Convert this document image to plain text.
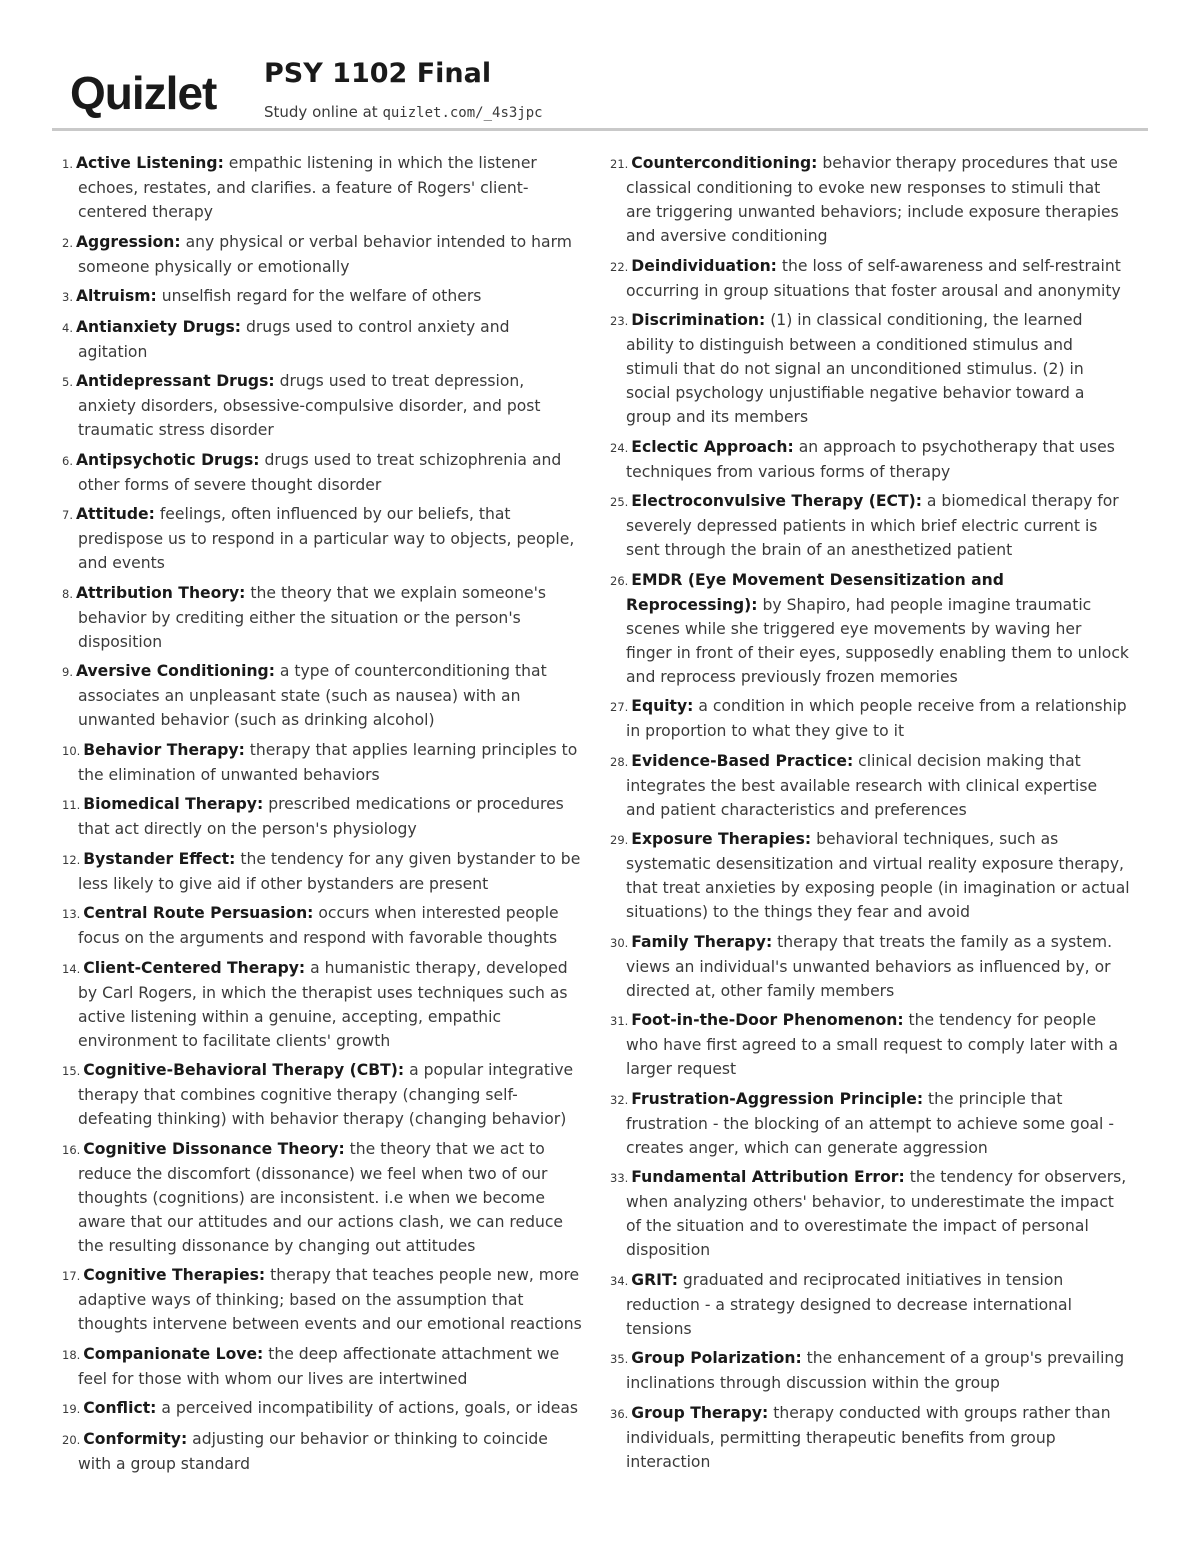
Quizlet PSY 1102 Final
Study online at quizlet.com/_4s3jpc
1. Active Listening: empathic listening in which the listener echoes, restates, and clarifies. a feature of Rogers' client-centered therapy
2. Aggression: any physical or verbal behavior intended to harm someone physically or emotionally
3. Altruism: unselfish regard for the welfare of others
4. Antianxiety Drugs: drugs used to control anxiety and agitation
5. Antidepressant Drugs: drugs used to treat depression, anxiety disorders, obsessive-compulsive disorder, and post traumatic stress disorder
6. Antipsychotic Drugs: drugs used to treat schizophrenia and other forms of severe thought disorder
7. Attitude: feelings, often influenced by our beliefs, that predispose us to respond in a particular way to objects, people, and events
8. Attribution Theory: the theory that we explain someone's behavior by crediting either the situation or the person's disposition
9. Aversive Conditioning: a type of counterconditioning that associates an unpleasant state (such as nausea) with an unwanted behavior (such as drinking alcohol)
10. Behavior Therapy: therapy that applies learning principles to the elimination of unwanted behaviors
11. Biomedical Therapy: prescribed medications or procedures that act directly on the person's physiology
12. Bystander Effect: the tendency for any given bystander to be less likely to give aid if other bystanders are present
13. Central Route Persuasion: occurs when interested people focus on the arguments and respond with favorable thoughts
14. Client-Centered Therapy: a humanistic therapy, developed by Carl Rogers, in which the therapist uses techniques such as active listening within a genuine, accepting, empathic environment to facilitate clients' growth
15. Cognitive-Behavioral Therapy (CBT): a popular integrative therapy that combines cognitive therapy (changing self-defeating thinking) with behavior therapy (changing behavior)
16. Cognitive Dissonance Theory: the theory that we act to reduce the discomfort (dissonance) we feel when two of our thoughts (cognitions) are inconsistent. i.e when we become aware that our attitudes and our actions clash, we can reduce the resulting dissonance by changing out attitudes
17. Cognitive Therapies: therapy that teaches people new, more adaptive ways of thinking; based on the assumption that thoughts intervene between events and our emotional reactions
18. Companionate Love: the deep affectionate attachment we feel for those with whom our lives are intertwined
19. Conflict: a perceived incompatibility of actions, goals, or ideas
20. Conformity: adjusting our behavior or thinking to coincide with a group standard
21. Counterconditioning: behavior therapy procedures that use classical conditioning to evoke new responses to stimuli that are triggering unwanted behaviors; include exposure therapies and aversive conditioning
22. Deindividuation: the loss of self-awareness and self-restraint occurring in group situations that foster arousal and anonymity
23. Discrimination: (1) in classical conditioning, the learned ability to distinguish between a conditioned stimulus and stimuli that do not signal an unconditioned stimulus. (2) in social psychology unjustifiable negative behavior toward a group and its members
24. Eclectic Approach: an approach to psychotherapy that uses techniques from various forms of therapy
25. Electroconvulsive Therapy (ECT): a biomedical therapy for severely depressed patients in which brief electric current is sent through the brain of an anesthetized patient
26. EMDR (Eye Movement Desensitization and Reprocessing): by Shapiro, had people imagine traumatic scenes while she triggered eye movements by waving her finger in front of their eyes, supposedly enabling them to unlock and reprocess previously frozen memories
27. Equity: a condition in which people receive from a relationship in proportion to what they give to it
28. Evidence-Based Practice: clinical decision making that integrates the best available research with clinical expertise and patient characteristics and preferences
29. Exposure Therapies: behavioral techniques, such as systematic desensitization and virtual reality exposure therapy, that treat anxieties by exposing people (in imagination or actual situations) to the things they fear and avoid
30. Family Therapy: therapy that treats the family as a system. views an individual's unwanted behaviors as influenced by, or directed at, other family members
31. Foot-in-the-Door Phenomenon: the tendency for people who have first agreed to a small request to comply later with a larger request
32. Frustration-Aggression Principle: the principle that frustration - the blocking of an attempt to achieve some goal - creates anger, which can generate aggression
33. Fundamental Attribution Error: the tendency for observers, when analyzing others' behavior, to underestimate the impact of the situation and to overestimate the impact of personal disposition
34. GRIT: graduated and reciprocated initiatives in tension reduction - a strategy designed to decrease international tensions
35. Group Polarization: the enhancement of a group's prevailing inclinations through discussion within the group
36. Group Therapy: therapy conducted with groups rather than individuals, permitting therapeutic benefits from group interaction
